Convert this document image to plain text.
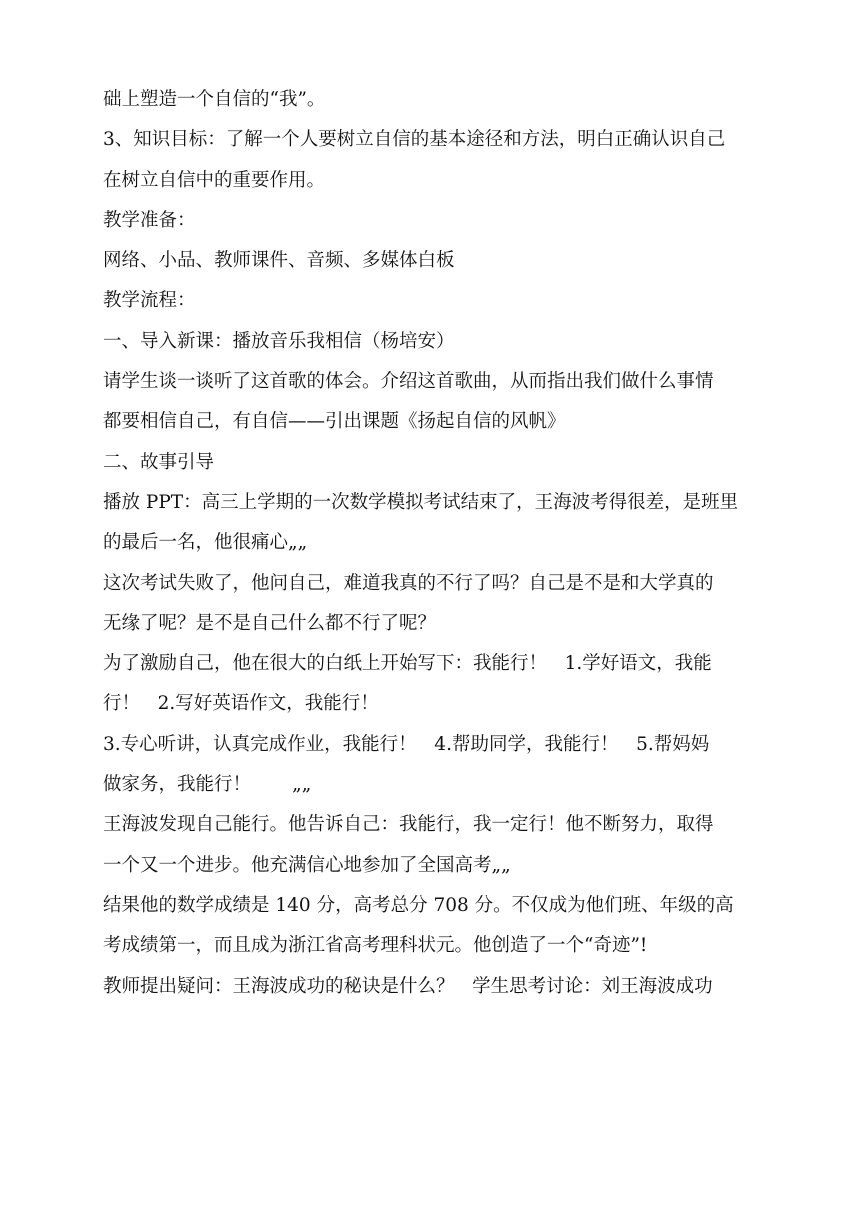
础上塑造一个自信的“我”。
3、知识目标：了解一个人要树立自信的基本途径和方法，明白正确认识自己
在树立自信中的重要作用。
教学准备：
网络、小品、教师课件、音频、多媒体白板
教学流程：
一、导入新课：播放音乐我相信（杨培安）
请学生谈一谈听了这首歌的体会。介绍这首歌曲，从而指出我们做什么事情
都要相信自己，有自信——引出课题《扬起自信的风帆》
二、故事引导
播放 PPT：高三上学期的一次数学模拟考试结束了，王海波考得很差，是班里
的最后一名，他很痛心„„
这次考试失败了，他问自己，难道我真的不行了吗？自己是不是和大学真的
无缘了呢？是不是自己什么都不行了呢？
为了激励自己，他在很大的白纸上开始写下：我能行！   1.学好语文，我能
行！   2.写好英语作文，我能行！
3.专心听讲，认真完成作业，我能行！   4.帮助同学，我能行！   5.帮妈妈
做家务，我能行！       „„
王海波发现自己能行。他告诉自己：我能行，我一定行！他不断努力，取得
一个又一个进步。他充满信心地参加了全国高考„„
结果他的数学成绩是 140 分，高考总分 708 分。不仅成为他们班、年级的高
考成绩第一，而且成为浙江省高考理科状元。他创造了一个“奇迹”!
教师提出疑问：王海波成功的秘诀是什么？   学生思考讨论：刘王海波成功
